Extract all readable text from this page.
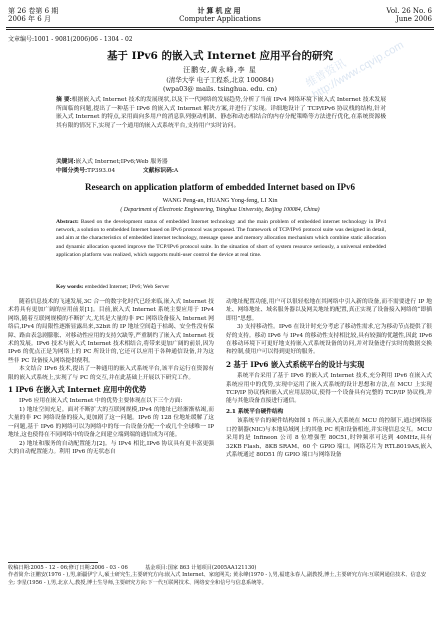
第 26 卷第 6 期
2006 年 6 月
计算机应用
Computer Applications
Vol. 26 No. 6
June 2006
文章编号:1001 - 9081(2006)06 - 1304 - 02
基于 IPv6 的嵌入式 Internet 应用平台的研究
汪鹏安,黄永峰,李 星
(清华大学 电子工程系,北京 100084)
(wpa03@ mails. tsinghua. edu. cn)
摘 要:根据嵌入式 Internet 技术的发展现状,以及下一代网络的发展趋势,分析了当前 IPv4 网络环境下嵌入式 Internet 技术发展所面临的问题,提出了一种基于 IPv6 的嵌入式 Internet 解决方案,并进行了实现。详细地设计了 TCP/IPv6 协议栈的结构,针对嵌入式 Internet 的特点,采用面向多用户的消息队列驱动机制、静态和动态相结合的内存分配策略等方法进行优化,在系统资源极其有限的情况下,实现了一个通用的嵌入式系统平台,支持用户实时访问。
关键词:嵌入式 Internet;IPv6;Web 服务器
中图分类号:TP393.04	文献标识码:A
Research on application platform of embedded Internet based on IPv6
WANG Peng-an, HUANG Yong-feng, LI Xin
( Department of Electronic Engineering, Tsinghua University, Beijing 100084, China)
Abstract: Based on the development status of embedded Internet technology and the main problem of embedded internet technology in IPv4 network, a solution to embedded Internet based on IPv6 protocol was proposed. The framework of TCP/IPv6 protocol suite was designed in detail, and aim at the characteristics of embedded internet technology, message queue and memory allocation mechanism which combine static allocation and dynamic allocation quoted improve the TCP/IPv6 protocol suite. In the situation of short of system resource seriously, a universal embedded application platform was realized, which supports multi-user control the device at real time.
Key words: embedded Internet; IPv6; Web Server
随着信息技术的飞速发展,3C 合一的数字化时代已经来临,嵌入式 Internet 技术将具有更加广阔的应用前景[1]。目前,嵌入式 Internet 系统主要应用于 IPv4 网络,随着互联网规模的不断扩大,尤其是大量的非 PC 网络设备接入 Internet 网络后,IPv4 的局限性逐渐显露出来,32bit 的 IP 地址空间趋于枯竭、安全性没有保障、路由表急剧膨胀、对移动性应用的支持欠缺等,严重制约了嵌入式 Internet 技术的发展。IPv6 技术与嵌入式 Internet 技术相结合,将带来更加广阔的前景,因为 IPv6 的优点正是为网络上的 PC 所设计的,它还可以应用于各种通信设备,并为这些非 PC 设备接入网络提供便利。
本文结合 IPv6 技术,提出了一种通用的嵌入式系统平台,该平台运行在资源有限的嵌入式系统上,实现了与 PC 的交互,并在此基础上开展以下研究工作。
1 IPv6 在嵌入式 Internet 应用中的优势
IPv6 应用在嵌入式 Internet 中的优势主要体现在以下三个方面:
1) 地址空间充足。面对不断扩大的互联网规模,IPv4 的地址已经渐渐枯竭,而大量的非 PC 网络设备的接入,更加剧了这一问题。IPv6 的 128 位地址缓解了这一问题,基于 IPv6 的网络可以为网络中的每一台设备分配一个或几个全球唯一 IP 地址,这也使得在不同网络中的设备之间建立端到端的通信成为可能。
2) 地址和服务的自动配置能力[2]。与 IPv4 相比,IPv6 协议具有更丰富更强大的自动配置能力。利用 IPv6 的无状态自
动地址配置功能,用户可以很轻松地在其网络中引入新的设备,而不需要进行 IP 地址、网络地址、域名服务器以及网关地址的配置,真正实现了设备接入网络的“即插即用”思想。
3) 支持移动性。IPv6 在设计时充分考虑了移动性需求,它为移动节点提供了很好的支持。移动 IPv6 与 IPv4 的移动性支持相比较,具有较强的优越性,因此 IPv6 在移动环境下可更好地支持嵌入式系统设备的访问,并对设备进行实时的数据交换和控制,使用户可以得到更好的服务。
2 基于 IPv6 嵌入式系统平台的设计与实现
系统平台采用了基于 IPv6 的嵌入式 Internet 技术,充分利用 IPv6 在嵌入式系统应用中的优势,实现中运用了嵌入式系统的设计思想和方法,在 MCU 上实现 TCP/IP 协议栈和嵌入式应用层协议,使得一个设备具有完整的 TCP/IP 协议栈,并能与其他设备直接进行通信。
2.1 系统平台硬件结构
该系统平台的硬件结构如图 1 所示,嵌入式系统在 MCU 的控制下,通过网络接口控制器(NIC)与本地局域网上的其他 PC 机和设备相连,并实现信息交互。MCU 采用的是 Infineon 公司 8 位增强型 80C51,时钟频率可达到 40MHz,具有 32KB Flash、8KB SRAM、60 个 GPIO 端口。网络芯片为 RTL8019AS,嵌入式系统通过 80D51 的 GPIO 端口与网络设备
收稿日期:2005 - 12 - 06;修订日期:2006 - 03 - 06	基金项目:国家 863 计划项目(2005AA121130)
作者简介:汪鹏安(1976 - ),男,新疆伊宁人,硕士研究生,主要研究方向:嵌入式 Internet、家庭网关; 黄永峰(1970 - ),男,福建永春人,副教授,博士,主要研究方向:互联网通信技术、信息安全; 李星(1956 - ),男,北京人,教授,博士生导师,主要研究方向:下一代互联网技术、网络安全和信号与信息系统等。
维普资讯 http://www.cqvip.com
